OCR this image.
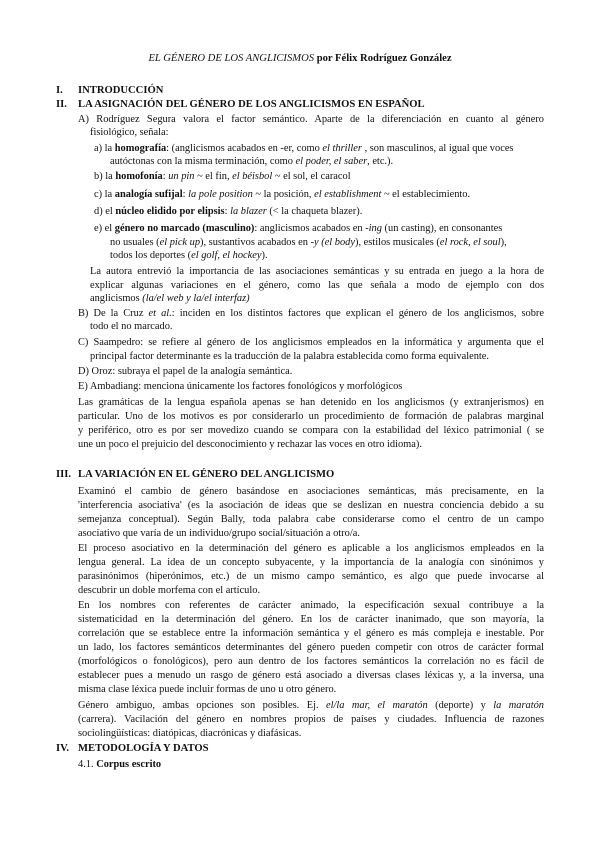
EL GÉNERO DE LOS ANGLICISMOS por Félix Rodríguez González
I. INTRODUCCIÓN
II. LA ASIGNACIÓN DEL GÉNERO DE LOS ANGLICISMOS EN ESPAÑOL
A) Rodríguez Segura valora el factor semántico. Aparte de la diferenciación en cuanto al género
fisiológico, señala:
a) la homografía: (anglicismos acabados en -er, como el thriller , son masculinos, al igual que voces
autóctonas con la misma terminación, como el poder, el saber, etc.).
b) la homofonía: un pin ~ el fin, el béisbol ~ el sol, el caracol
c) la analogía sufijal: la pole position ~ la posición, el establishment ~ el establecimiento.
d) el núcleo elidido por elipsis: la blazer (< la chaqueta blazer).
e) el género no marcado (masculino): anglicismos acabados en -ing (un casting), en consonantes
no usuales (el pick up), sustantivos acabados en -y (el body), estilos musicales (el rock, el soul),
todos los deportes (el golf, el hockey).
La autora entrevió la importancia de las asociaciones semánticas y su entrada en juego a la hora de
explicar algunas variaciones en el género, como las que señala a modo de ejemplo con dos
anglicismos (la/el web y la/el interfaz)
B) De la Cruz et al.: inciden en los distintos factores que explican el género de los anglicismos, sobre
todo el no marcado.
C) Saampedro: se refiere al género de los anglicismos empleados en la informática y argumenta que el
principal factor determinante es la traducción de la palabra establecida como forma equivalente.
D) Oroz: subraya el papel de la analogía semántica.
E) Ambadiang: menciona únicamente los factores fonológicos y morfológicos
Las gramáticas de la lengua española apenas se han detenido en los anglicismos (y extranjerismos) en
particular. Uno de los motivos es por considerarlo un procedimiento de formación de palabras marginal
y periférico, otro es por ser movedizo cuando se compara con la estabilidad del léxico patrimonial ( se
une un poco el prejuicio del desconocimiento y rechazar las voces en otro idioma).
III. LA VARIACIÓN EN EL GÉNERO DEL ANGLICISMO
Examinó el cambio de género basándose en asociaciones semánticas, más precisamente, en la
'interferencia asociativa' (es la asociación de ideas que se deslizan en nuestra conciencia debido a su
semejanza conceptual). Según Bally, toda palabra cabe considerarse como el centro de un campo
asociativo que varía de un individuo/grupo social/situación a otro/a.
El proceso asociativo en la determinación del género es aplicable a los anglicismos empleados en la
lengua general. La idea de un concepto subyacente, y la importancia de la analogía con sinónimos y
parasinónimos (hiperónimos, etc.) de un mismo campo semántico, es algo que puede invocarse al
descubrir un doble morfema con el artículo.
En los nombres con referentes de carácter animado, la especificación sexual contribuye a la
sistematicidad en la determinación del género. En los de carácter inanimado, que son mayoría, la
correlación que se establece entre la información semántica y el género es más compleja e inestable. Por
un lado, los factores semánticos determinantes del género pueden competir con otros de carácter formal
(morfológicos o fonológicos), pero aun dentro de los factores semánticos la correlación no es fácil de
establecer pues a menudo un rasgo de género está asociado a diversas clases léxicas y, a la inversa, una
misma clase léxica puede incluir formas de uno u otro género.
Género ambiguo, ambas opciones son posibles. Ej. el/la mar, el maratón (deporte) y la maratón
(carrera). Vacilación del género en nombres propios de países y ciudades. Influencia de razones
sociolingüísticas: diatópicas, diacrónicas y diafásicas.
IV. METODOLOGÍA Y DATOS
4.1. Corpus escrito
